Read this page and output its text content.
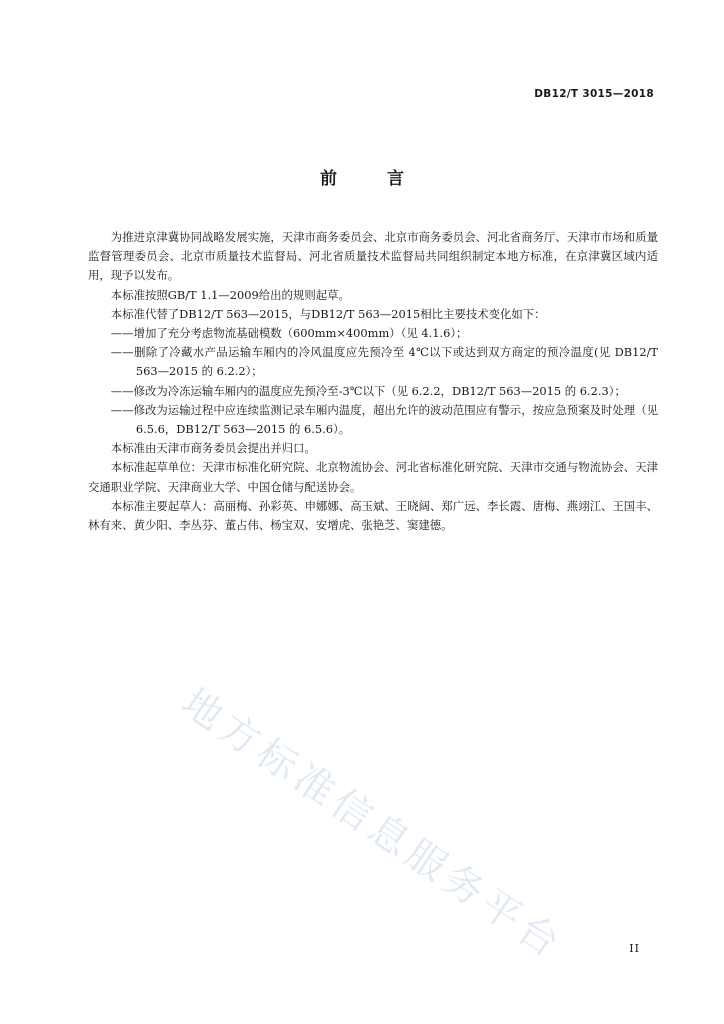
DB12/T 3015—2018
前 言

为推进京津冀协同战略发展实施，天津市商务委员会、北京市商务委员会、河北省商务厅、天津市市场和质量监督管理委员会、北京市质量技术监督局、河北省质量技术监督局共同组织制定本地方标准，在京津冀区域内适用，现予以发布。

本标准按照GB/T 1.1—2009给出的规则起草。

本标准代替了DB12/T 563—2015，与DB12/T 563—2015相比主要技术变化如下：

——增加了充分考虑物流基础模数（600mm×400mm）（见 4.1.6）；

——删除了冷藏水产品运输车厢内的冷风温度应先预冷至 4℃以下或达到双方商定的预冷温度(见 DB12/T 563—2015 的 6.2.2）；

——修改为冷冻运输车厢内的温度应先预冷至-3℃以下（见 6.2.2，DB12/T 563—2015 的 6.2.3）；

——修改为运输过程中应连续监测记录车厢内温度，超出允许的波动范围应有警示，按应急预案及时处理（见 6.5.6，DB12/T 563—2015 的 6.5.6）。

本标准由天津市商务委员会提出并归口。

本标准起草单位：天津市标准化研究院、北京物流协会、河北省标准化研究院、天津市交通与物流协会、天津交通职业学院、天津商业大学、中国仓储与配送协会。

本标准主要起草人：高丽梅、孙彩英、申娜娜、高玉斌、王晓阔、郑广远、李长霞、唐梅、燕翊江、王国丰、林有来、黄少阳、李丛芬、董占伟、杨宝双、安增虎、张艳芝、窦建德。

地方标准信息服务平台	II
